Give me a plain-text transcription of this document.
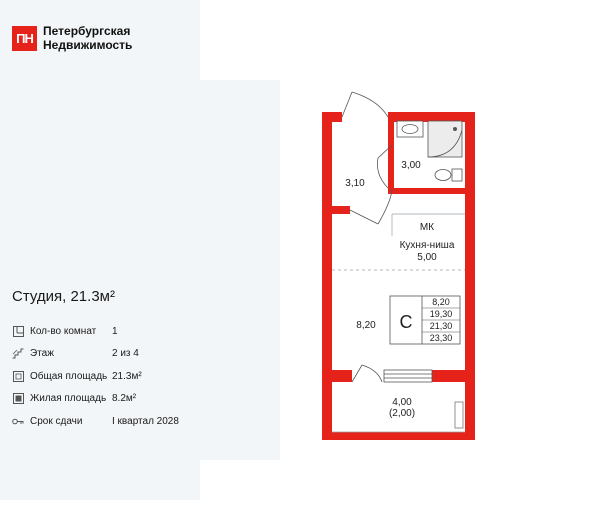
ПН Петербургская
Недвижимость
Студия, 21.3м²
Кол-во комнат	1
Этаж	2 из 4
Общая площадь 21.3м²
Жилая площадь 8.2м²
Срок сдачи	I квартал 2028
С
8,20
19,30
21,30
23,30
3,10
3,00
МК
Кухня-ниша
5,00
8,20
4,00
(2,00)
